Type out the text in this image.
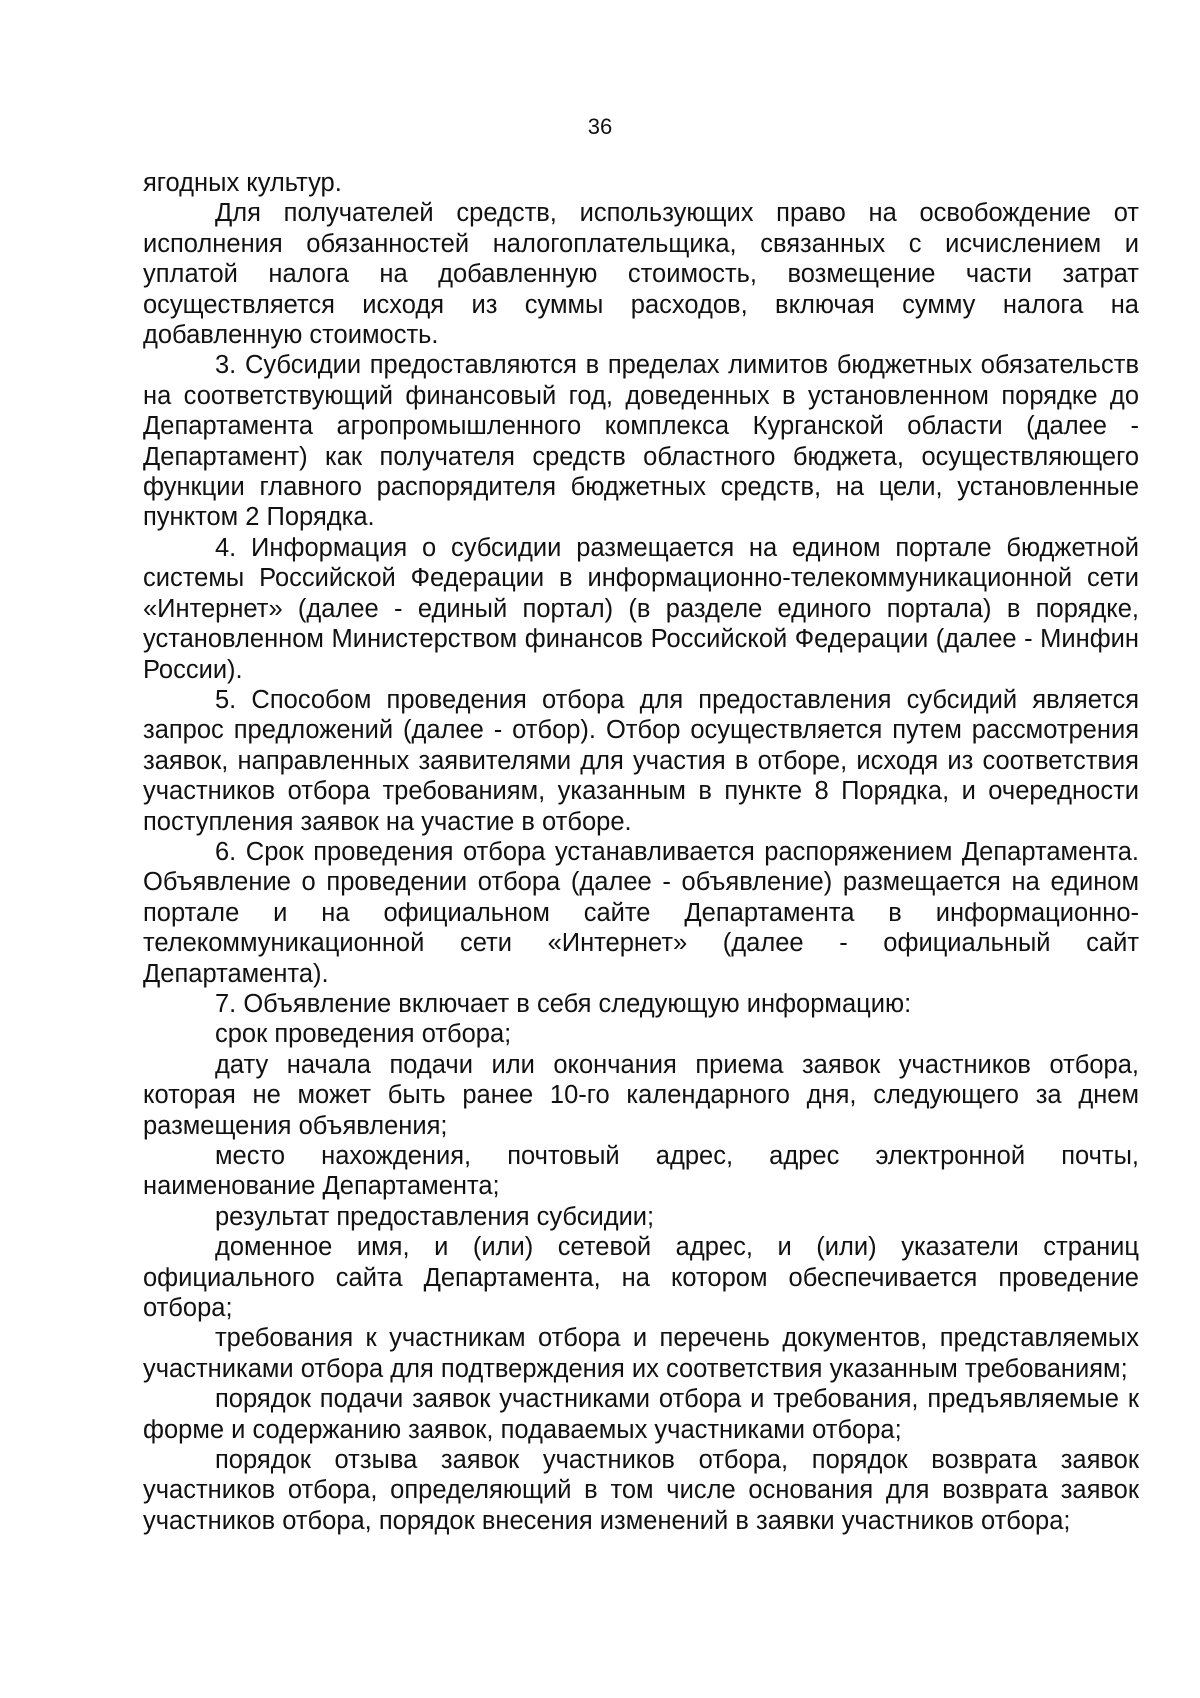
36

ягодных культур.

Для получателей средств, использующих право на освобождение от исполнения обязанностей налогоплательщика, связанных с исчислением и уплатой налога на добавленную стоимость, возмещение части затрат осуществляется исходя из суммы расходов, включая сумму налога на добавленную стоимость.

3. Субсидии предоставляются в пределах лимитов бюджетных обязательств на соответствующий финансовый год, доведенных в установленном порядке до Департамента агропромышленного комплекса Курганской области (далее - Департамент) как получателя средств областного бюджета, осуществляющего функции главного распорядителя бюджетных средств, на цели, установленные пунктом 2 Порядка.

4. Информация о субсидии размещается на едином портале бюджетной системы Российской Федерации в информационно-телекоммуникационной сети «Интернет» (далее - единый портал) (в разделе единого портала) в порядке, установленном Министерством финансов Российской Федерации (далее - Минфин России).

5. Способом проведения отбора для предоставления субсидий является запрос предложений (далее - отбор). Отбор осуществляется путем рассмотрения заявок, направленных заявителями для участия в отборе, исходя из соответствия участников отбора требованиям, указанным в пункте 8 Порядка, и очередности поступления заявок на участие в отборе.

6. Срок проведения отбора устанавливается распоряжением Департамента. Объявление о проведении отбора (далее - объявление) размещается на едином портале и на официальном сайте Департамента в информационно-телекоммуникационной сети «Интернет» (далее - официальный сайт Департамента).

7. Объявление включает в себя следующую информацию:

срок проведения отбора;

дату начала подачи или окончания приема заявок участников отбора, которая не может быть ранее 10-го календарного дня, следующего за днем размещения объявления;

место нахождения, почтовый адрес, адрес электронной почты, наименование Департамента;

результат предоставления субсидии;

доменное имя, и (или) сетевой адрес, и (или) указатели страниц официального сайта Департамента, на котором обеспечивается проведение отбора;

требования к участникам отбора и перечень документов, представляемых участниками отбора для подтверждения их соответствия указанным требованиям;

порядок подачи заявок участниками отбора и требования, предъявляемые к форме и содержанию заявок, подаваемых участниками отбора;

порядок отзыва заявок участников отбора, порядок возврата заявок участников отбора, определяющий в том числе основания для возврата заявок участников отбора, порядок внесения изменений в заявки участников отбора;
